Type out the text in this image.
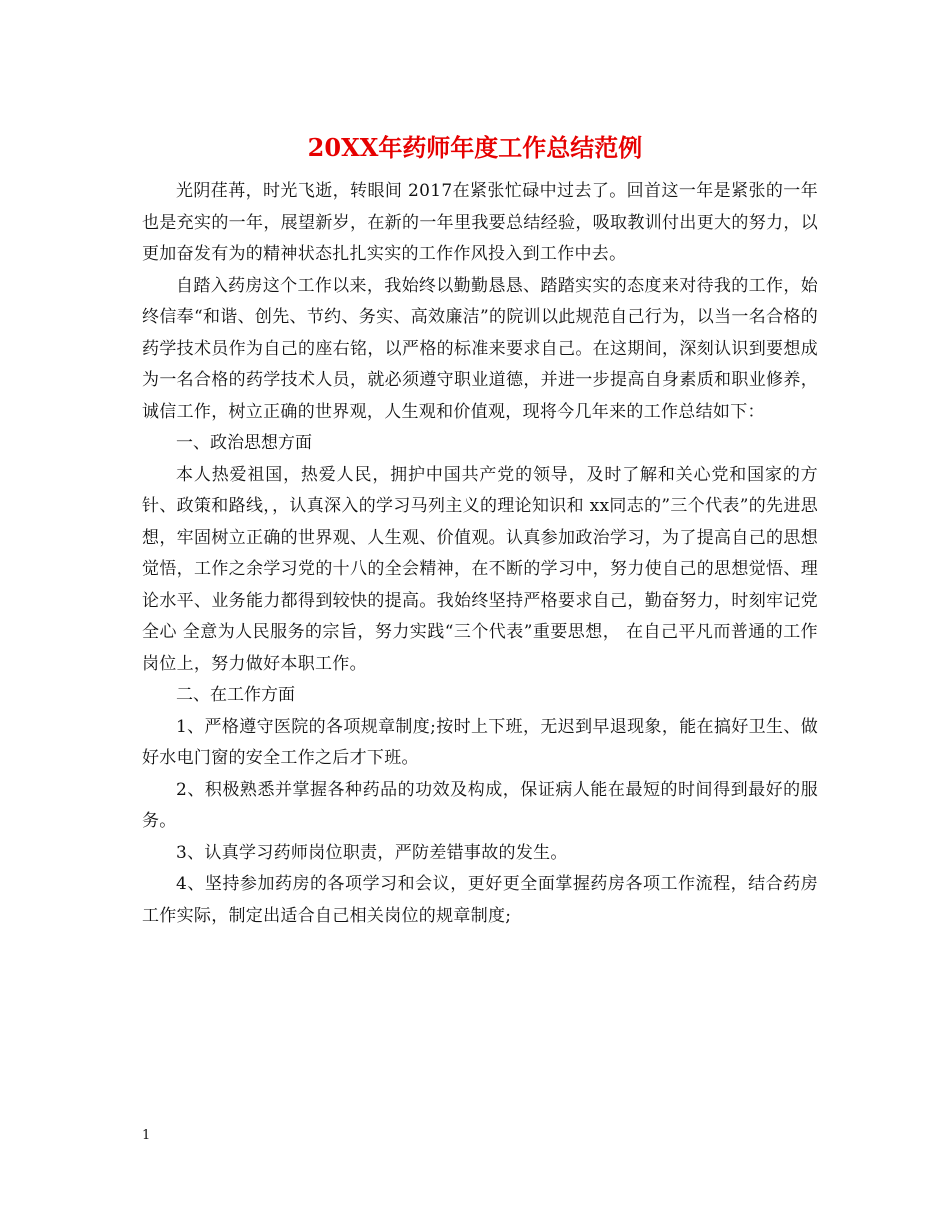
20XX年药师年度工作总结范例

光阴荏苒，时光飞逝，转眼间 2017在紧张忙碌中过去了。回首这一年是紧张的一年也是充实的一年，展望新岁，在新的一年里我要总结经验，吸取教训付出更大的努力，以更加奋发有为的精神状态扎扎实实的工作作风投入到工作中去。

自踏入药房这个工作以来，我始终以勤勤恳恳、踏踏实实的态度来对待我的工作，始终信奉“和谐、创先、节约、务实、高效廉洁”的院训以此规范自己行为，以当一名合格的药学技术员作为自己的座右铭，以严格的标准来要求自己。在这期间，深刻认识到要想成为一名合格的药学技术人员，就必须遵守职业道德，并进一步提高自身素质和职业修养，诚信工作，树立正确的世界观，人生观和价值观，现将今几年来的工作总结如下：

一、政治思想方面

本人热爱祖国，热爱人民，拥护中国共产党的领导，及时了解和关心党和国家的方针、政策和路线，，认真深入的学习马列主义的理论知识和 xx同志的”三个代表”的先进思想，牢固树立正确的世界观、人生观、价值观。认真参加政治学习，为了提高自己的思想觉悟，工作之余学习党的十八的全会精神，在不断的学习中，努力使自己的思想觉悟、理论水平、业务能力都得到较快的提高。我始终坚持严格要求自己，勤奋努力，时刻牢记党全心 全意为人民服务的宗旨，努力实践“三个代表”重要思想， 在自己平凡而普通的工作岗位上，努力做好本职工作。

二、在工作方面

1、严格遵守医院的各项规章制度;按时上下班，无迟到早退现象，能在搞好卫生、做好水电门窗的安全工作之后才下班。

2、积极熟悉并掌握各种药品的功效及构成，保证病人能在最短的时间得到最好的服务。

3、认真学习药师岗位职责，严防差错事故的发生。

4、坚持参加药房的各项学习和会议，更好更全面掌握药房各项工作流程，结合药房工作实际，制定出适合自己相关岗位的规章制度;

1
